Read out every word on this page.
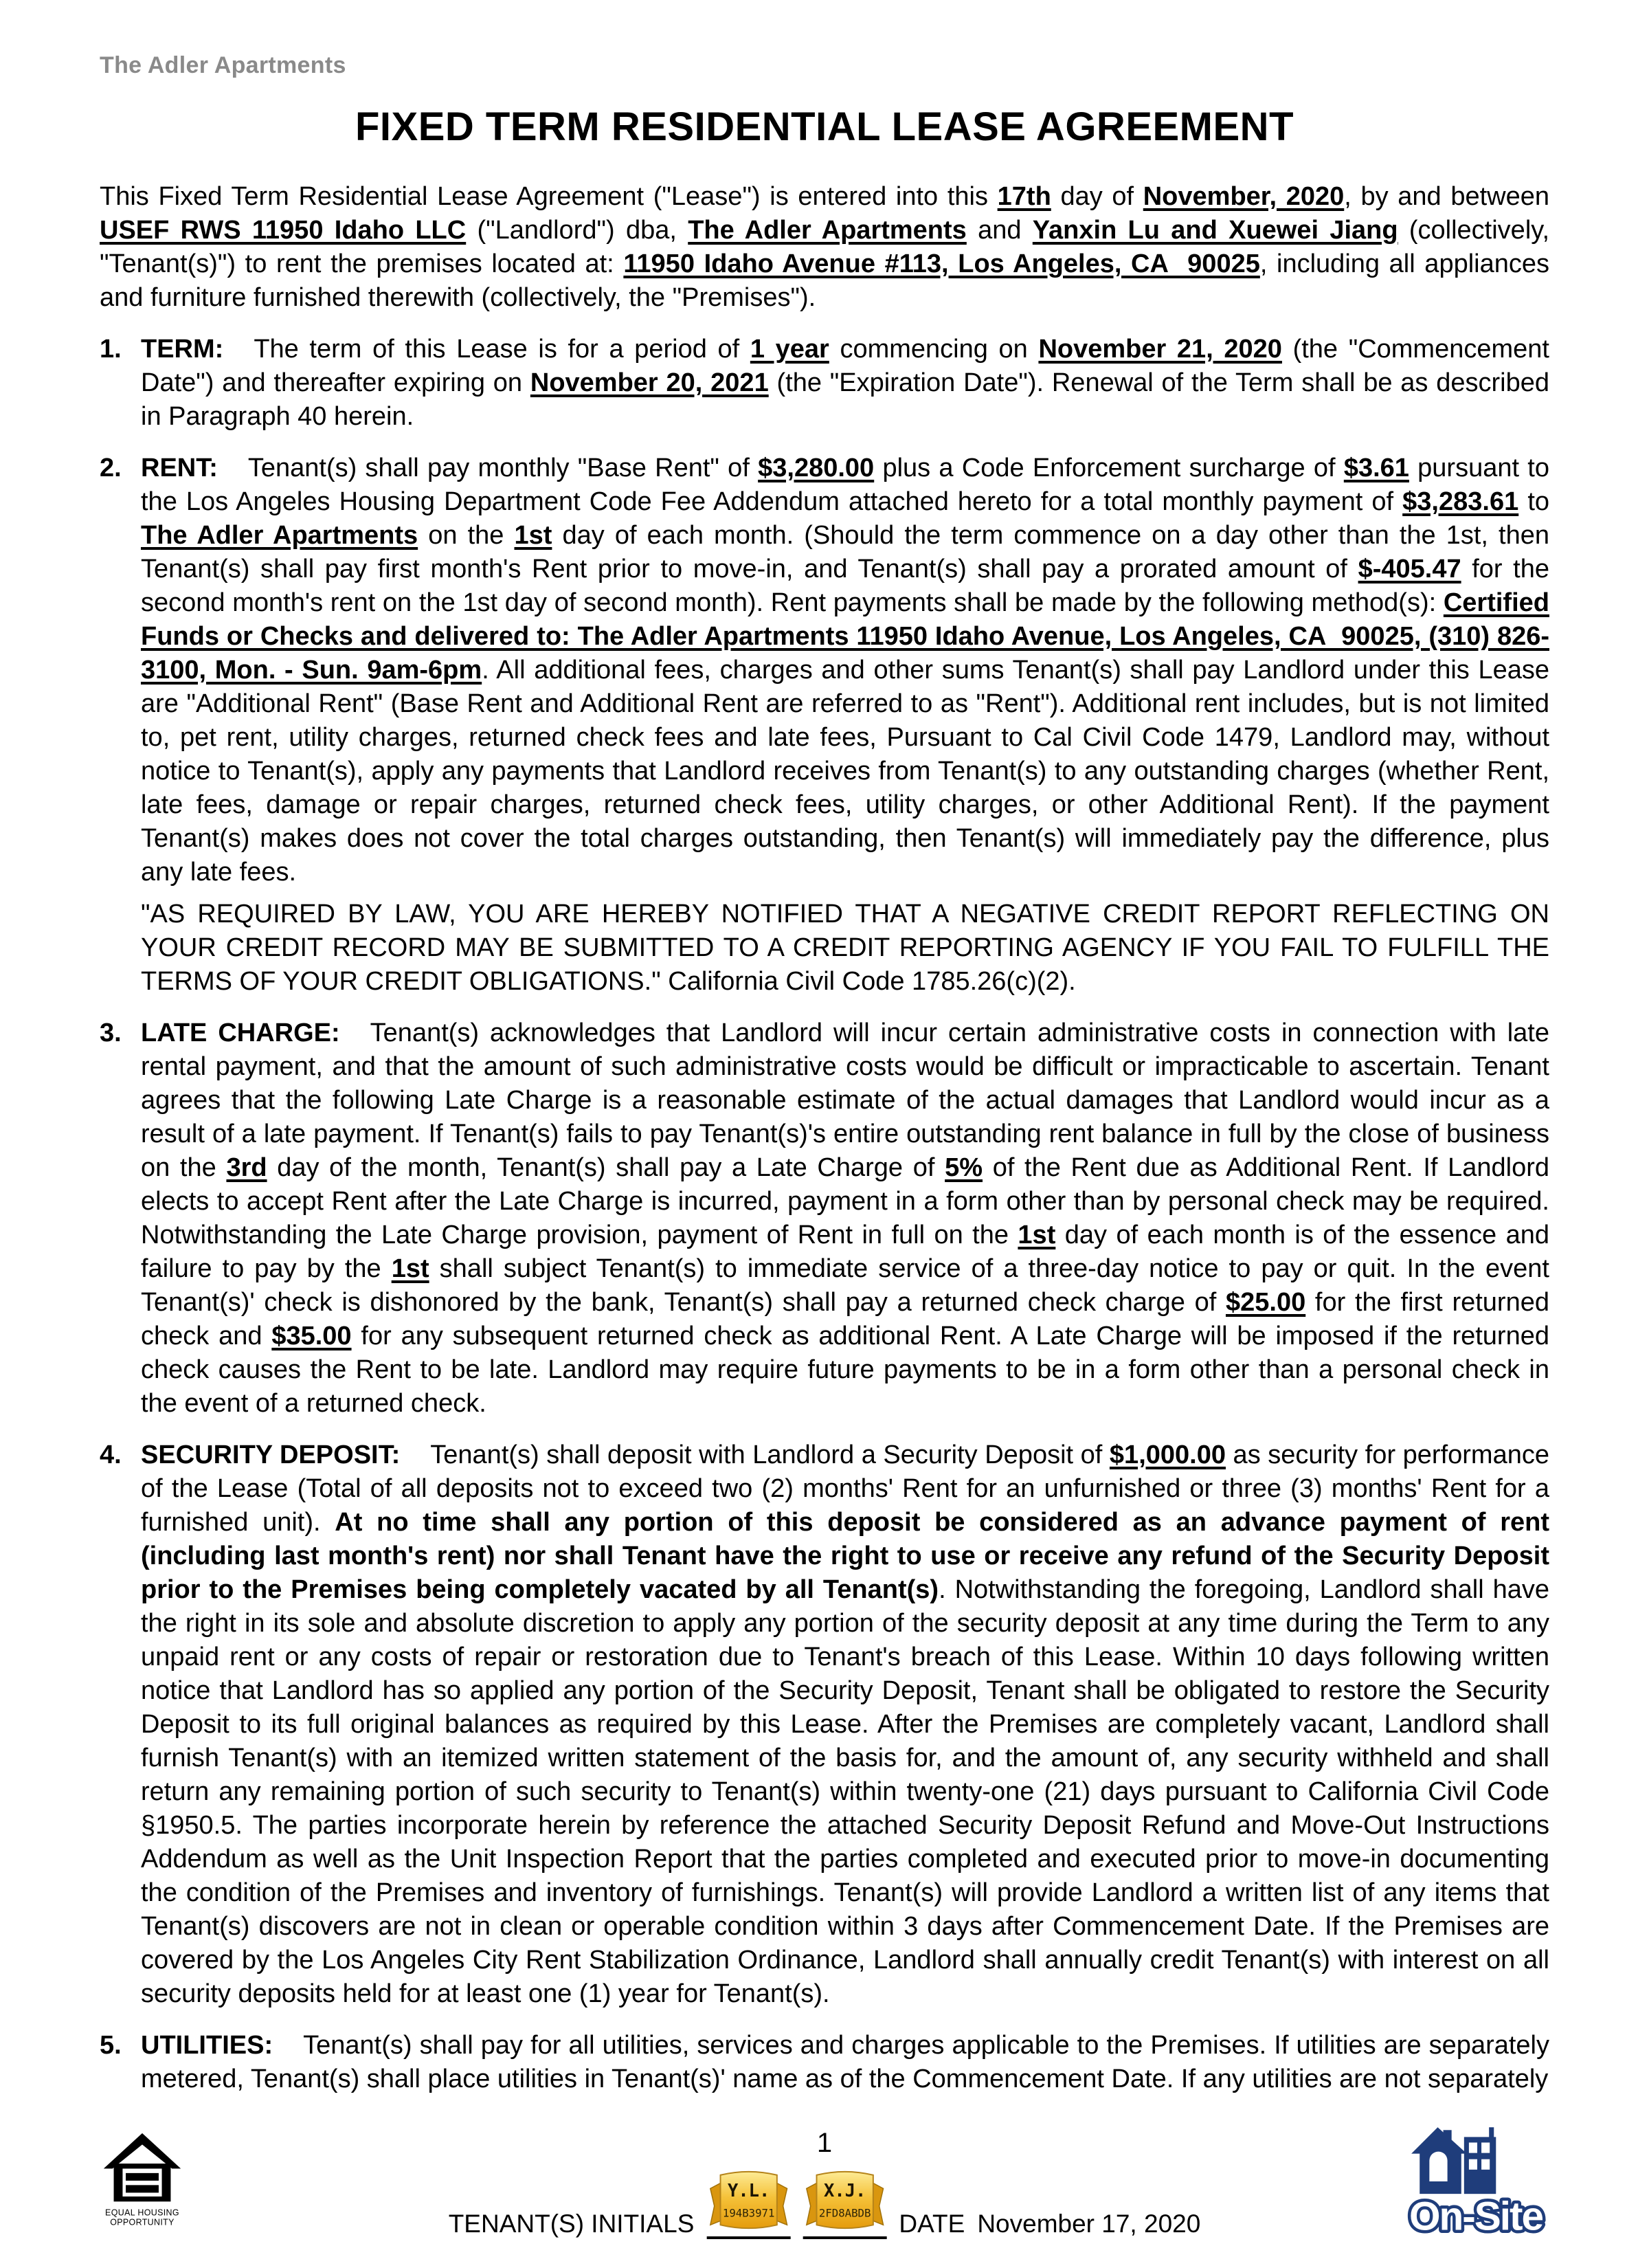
The Adler Apartments
FIXED TERM RESIDENTIAL LEASE AGREEMENT

This Fixed Term Residential Lease Agreement ("Lease") is entered into this 17th day of November, 2020, by and between USEF RWS 11950 Idaho LLC ("Landlord") dba, The Adler Apartments and Yanxin Lu and Xuewei Jiang (collectively, "Tenant(s)") to rent the premises located at: 11950 Idaho Avenue #113, Los Angeles, CA  90025, including all appliances and furniture furnished therewith (collectively, the "Premises").

1. TERM: The term of this Lease is for a period of 1 year commencing on November 21, 2020 (the "Commencement Date") and thereafter expiring on November 20, 2021 (the "Expiration Date"). Renewal of the Term shall be as described in Paragraph 40 herein.
2. RENT: Tenant(s) shall pay monthly "Base Rent" of $3,280.00 plus a Code Enforcement surcharge of $3.61 pursuant to the Los Angeles Housing Department Code Fee Addendum attached hereto for a total monthly payment of $3,283.61 to The Adler Apartments on the 1st day of each month. (Should the term commence on a day other than the 1st, then Tenant(s) shall pay first month's Rent prior to move-in, and Tenant(s) shall pay a prorated amount of $-405.47 for the second month's rent on the 1st day of second month). Rent payments shall be made by the following method(s): Certified Funds or Checks and delivered to: The Adler Apartments 11950 Idaho Avenue, Los Angeles, CA  90025, (310) 826-3100, Mon. - Sun. 9am-6pm. All additional fees, charges and other sums Tenant(s) shall pay Landlord under this Lease are "Additional Rent" (Base Rent and Additional Rent are referred to as "Rent"). Additional rent includes, but is not limited to, pet rent, utility charges, returned check fees and late fees, Pursuant to Cal Civil Code 1479, Landlord may, without notice to Tenant(s), apply any payments that Landlord receives from Tenant(s) to any outstanding charges (whether Rent, late fees, damage or repair charges, returned check fees, utility charges, or other Additional Rent). If the payment Tenant(s) makes does not cover the total charges outstanding, then Tenant(s) will immediately pay the difference, plus any late fees.
"AS REQUIRED BY LAW, YOU ARE HEREBY NOTIFIED THAT A NEGATIVE CREDIT REPORT REFLECTING ON YOUR CREDIT RECORD MAY BE SUBMITTED TO A CREDIT REPORTING AGENCY IF YOU FAIL TO FULFILL THE TERMS OF YOUR CREDIT OBLIGATIONS." California Civil Code 1785.26(c)(2).
3. LATE CHARGE: Tenant(s) acknowledges that Landlord will incur certain administrative costs in connection with late rental payment, and that the amount of such administrative costs would be difficult or impracticable to ascertain. Tenant agrees that the following Late Charge is a reasonable estimate of the actual damages that Landlord would incur as a result of a late payment. If Tenant(s) fails to pay Tenant(s)'s entire outstanding rent balance in full by the close of business on the 3rd day of the month, Tenant(s) shall pay a Late Charge of 5% of the Rent due as Additional Rent. If Landlord elects to accept Rent after the Late Charge is incurred, payment in a form other than by personal check may be required. Notwithstanding the Late Charge provision, payment of Rent in full on the 1st day of each month is of the essence and failure to pay by the 1st shall subject Tenant(s) to immediate service of a three-day notice to pay or quit. In the event Tenant(s)' check is dishonored by the bank, Tenant(s) shall pay a returned check charge of $25.00 for the first returned check and $35.00 for any subsequent returned check as additional Rent. A Late Charge will be imposed if the returned check causes the Rent to be late. Landlord may require future payments to be in a form other than a personal check in the event of a returned check.
4. SECURITY DEPOSIT: Tenant(s) shall deposit with Landlord a Security Deposit of $1,000.00 as security for performance of the Lease (Total of all deposits not to exceed two (2) months' Rent for an unfurnished or three (3) months' Rent for a furnished unit). At no time shall any portion of this deposit be considered as an advance payment of rent (including last month's rent) nor shall Tenant have the right to use or receive any refund of the Security Deposit prior to the Premises being completely vacated by all Tenant(s). Notwithstanding the foregoing, Landlord shall have the right in its sole and absolute discretion to apply any portion of the security deposit at any time during the Term to any unpaid rent or any costs of repair or restoration due to Tenant's breach of this Lease. Within 10 days following written notice that Landlord has so applied any portion of the Security Deposit, Tenant shall be obligated to restore the Security Deposit to its full original balances as required by this Lease. After the Premises are completely vacant, Landlord shall furnish Tenant(s) with an itemized written statement of the basis for, and the amount of, any security withheld and shall return any remaining portion of such security to Tenant(s) within twenty-one (21) days pursuant to California Civil Code §1950.5. The parties incorporate herein by reference the attached Security Deposit Refund and Move-Out Instructions Addendum as well as the Unit Inspection Report that the parties completed and executed prior to move-in documenting the condition of the Premises and inventory of furnishings. Tenant(s) will provide Landlord a written list of any items that Tenant(s) discovers are not in clean or operable condition within 3 days after Commencement Date. If the Premises are covered by the Los Angeles City Rent Stabilization Ordinance, Landlord shall annually credit Tenant(s) with interest on all security deposits held for at least one (1) year for Tenant(s).
5. UTILITIES: Tenant(s) shall pay for all utilities, services and charges applicable to the Premises. If utilities are separately metered, Tenant(s) shall place utilities in Tenant(s)' name as of the Commencement Date. If any utilities are not separately
1
TENANT(S) INITIALS
Y.L.
194B3971
X.J.
2FD8ABDB DATE November 17, 2020
EQUAL HOUSING
OPPORTUNITY	On-Site
